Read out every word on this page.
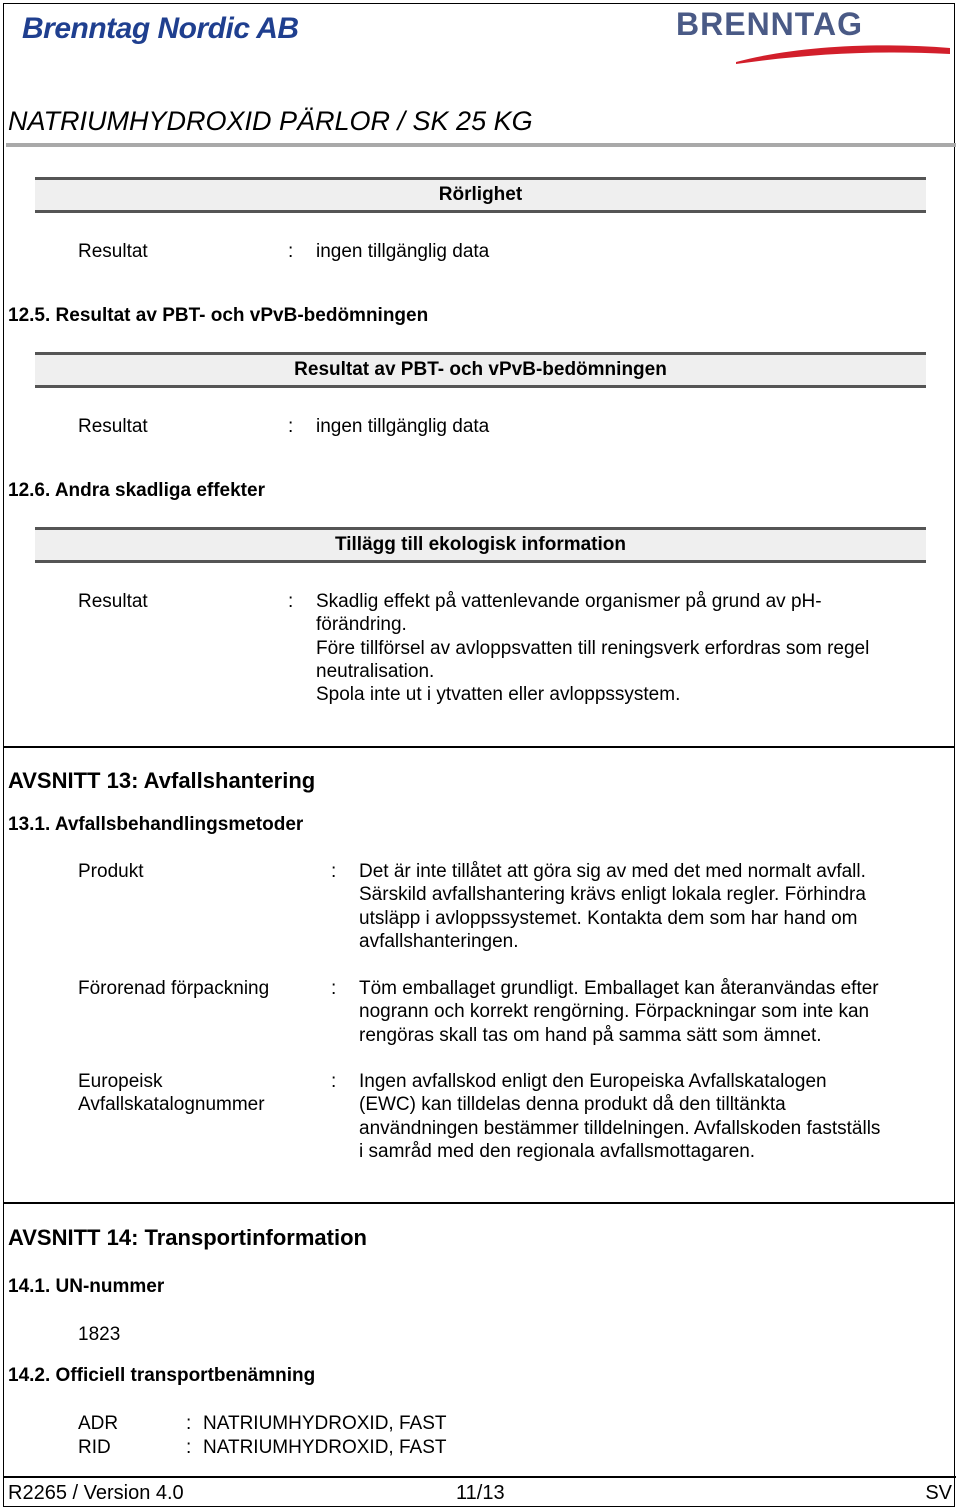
Brenntag Nordic AB	BRENNTAG
NATRIUMHYDROXID PÄRLOR / SK 25 KG
Rörlighet
Resultat	: ingen tillgänglig data
12.5. Resultat av PBT- och vPvB-bedömningen
Resultat av PBT- och vPvB-bedömningen
Resultat	: ingen tillgänglig data
12.6. Andra skadliga effekter
Tillägg till ekologisk information
Resultat	: Skadlig effekt på vattenlevande organismer på grund av pH-
förändring.
Före tillförsel av avloppsvatten till reningsverk erfordras som regel
neutralisation.
Spola inte ut i ytvatten eller avloppssystem.
AVSNITT 13: Avfallshantering
13.1. Avfallsbehandlingsmetoder
Produkt	: Det är inte tillåtet att göra sig av med det med normalt avfall.
Särskild avfallshantering krävs enligt lokala regler. Förhindra
utsläpp i avloppssystemet. Kontakta dem som har hand om
avfallshanteringen.
Förorenad förpackning	: Töm emballaget grundligt. Emballaget kan återanvändas efter
nogrann och korrekt rengörning. Förpackningar som inte kan
rengöras skall tas om hand på samma sätt som ämnet.
Europeisk
Avfallskatalognummer
: Ingen avfallskod enligt den Europeiska Avfallskatalogen
(EWC) kan tilldelas denna produkt då den tilltänkta
användningen bestämmer tilldelningen. Avfallskoden fastställs
i samråd med den regionala avfallsmottagaren.
AVSNITT 14: Transportinformation
14.1. UN-nummer
1823
14.2. Officiell transportbenämning
ADR	: NATRIUMHYDROXID, FAST
RID	: NATRIUMHYDROXID, FAST
R2265 / Version 4.0	11/13	SV
